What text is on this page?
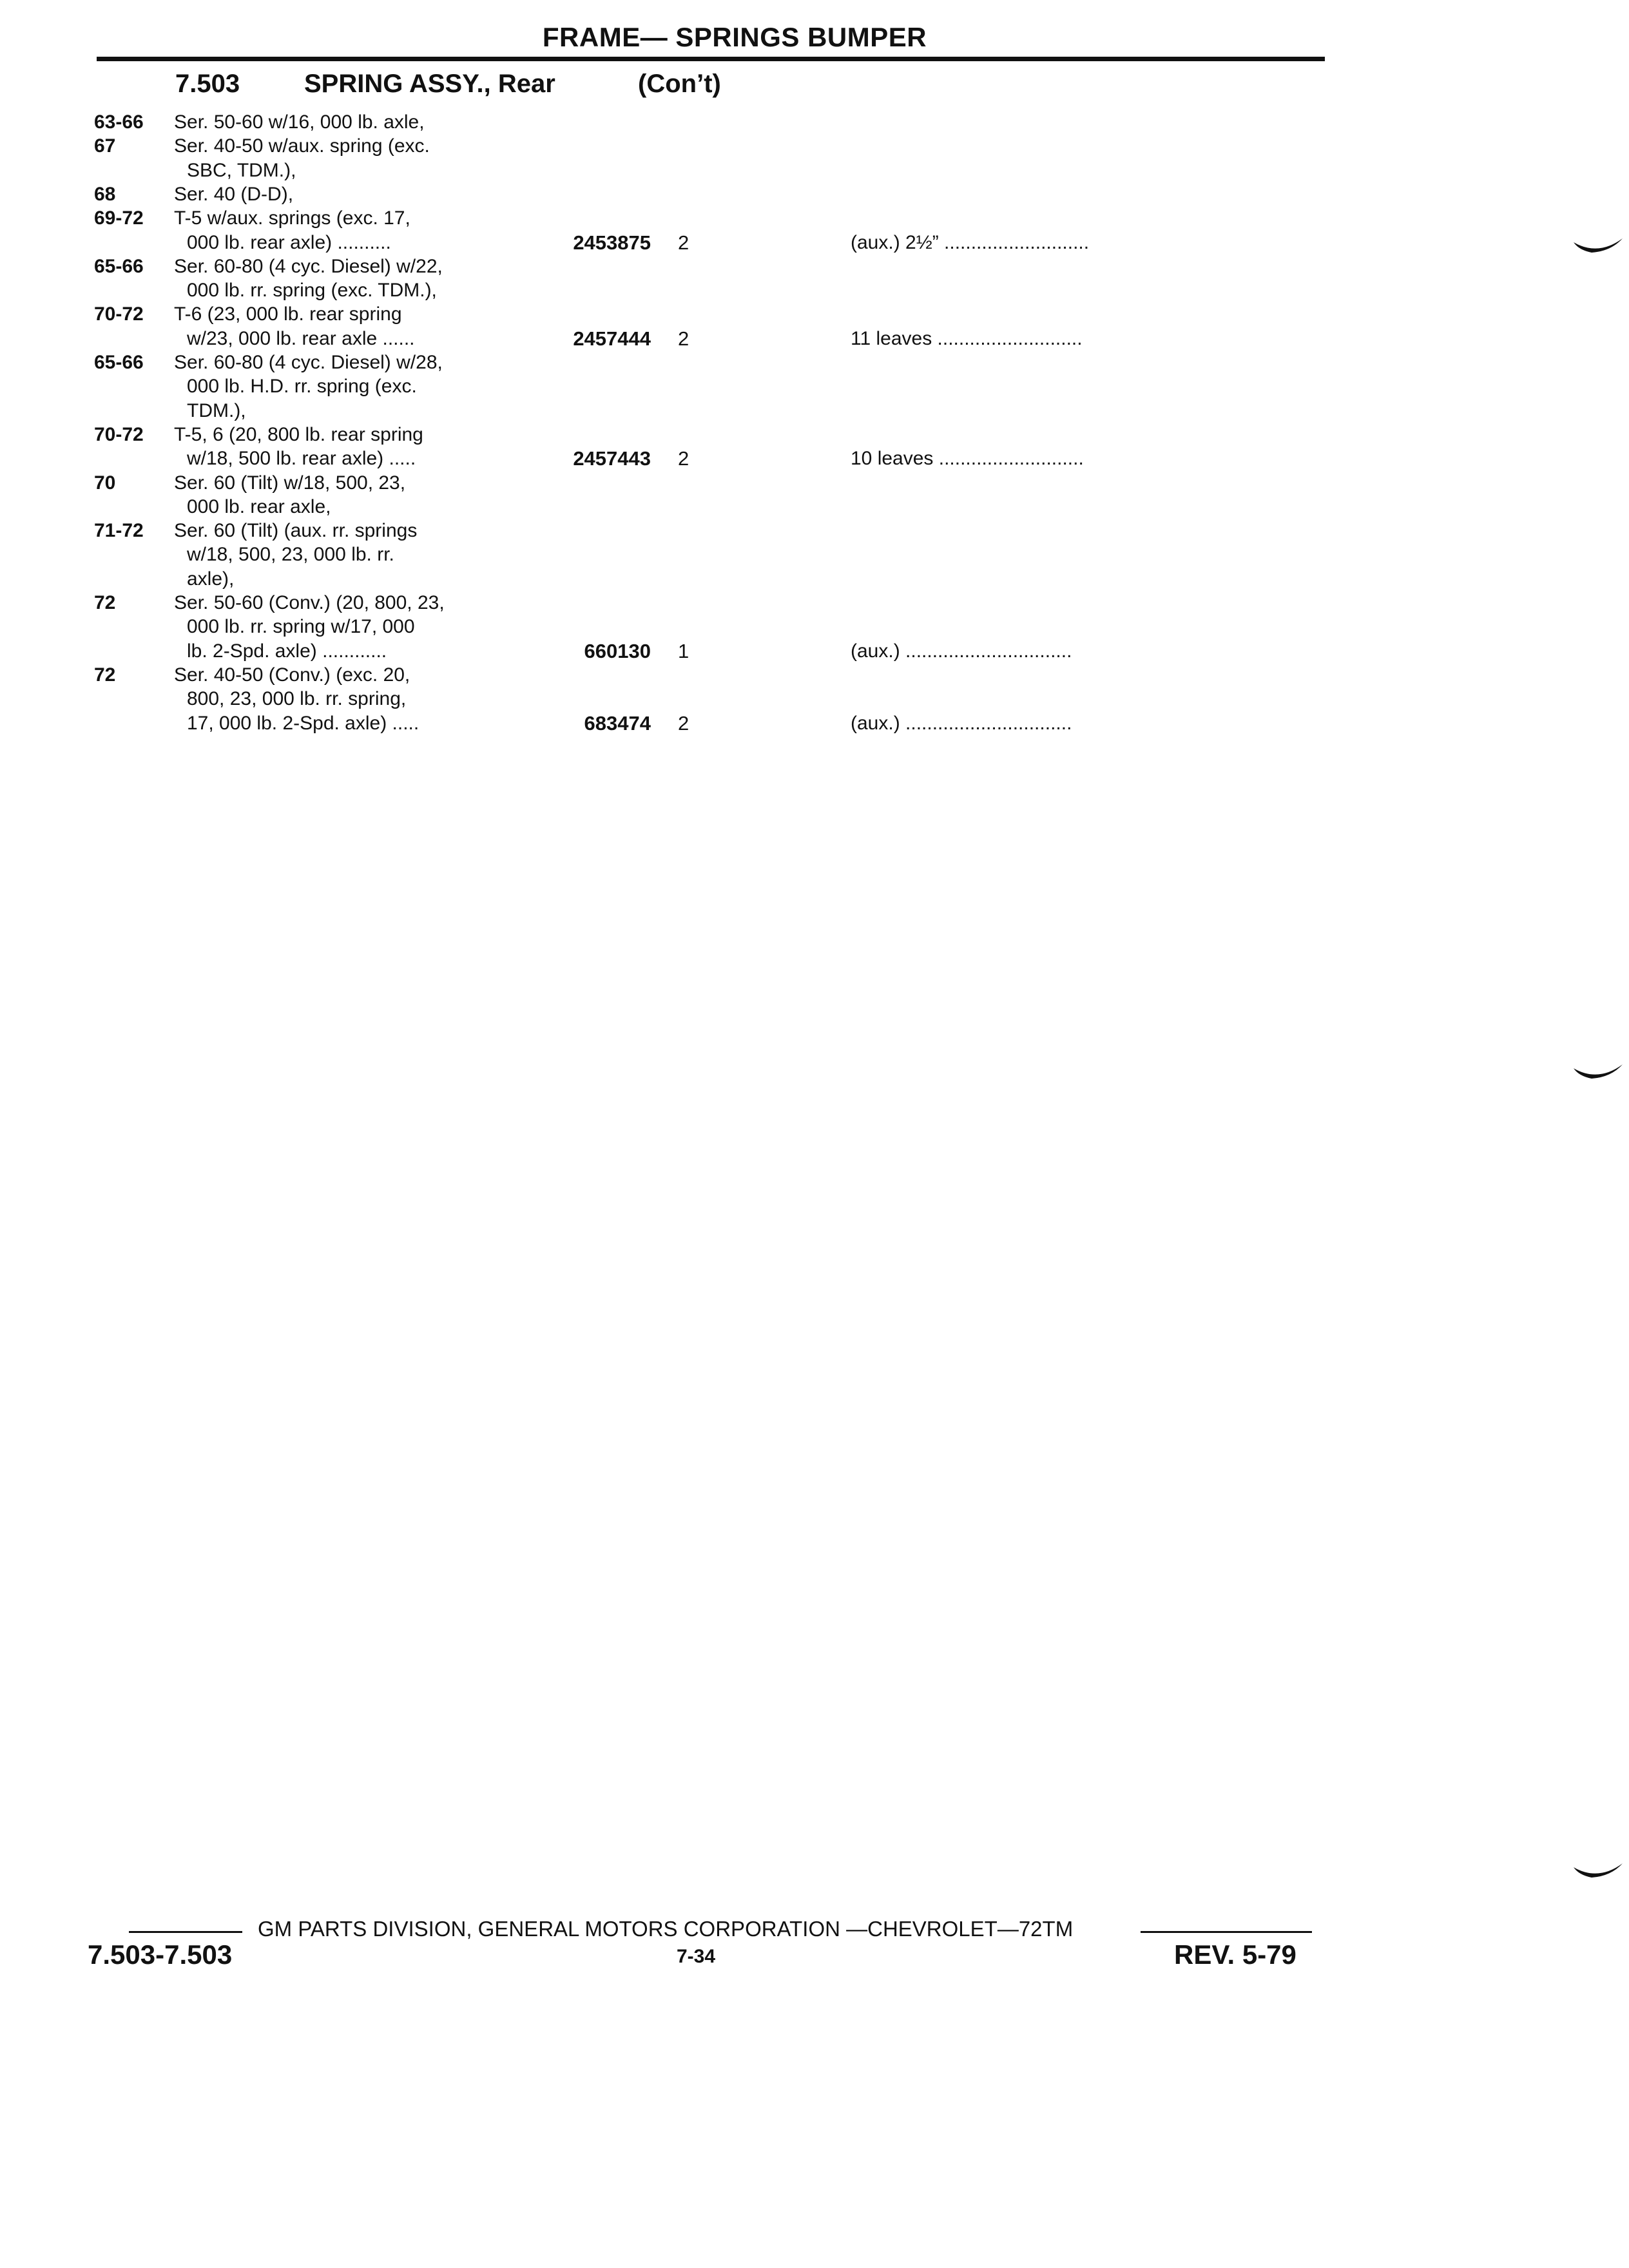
FRAME— SPRINGS BUMPER
7.503 SPRING ASSY., Rear	(Con’t)
63-66 Ser. 50-60 w/16, 000 lb. axle,
67	Ser. 40-50 w/aux. spring (exc.
SBC, TDM.),
68	Ser. 40 (D-D),
69-72 T-5 w/aux. springs (exc. 17,
000 lb. rear axle) ..........	2453875 2	(aux.) 2½” ...........................
65-66 Ser. 60-80 (4 cyc. Diesel) w/22,
000 lb. rr. spring (exc. TDM.),
70-72 T-6 (23, 000 lb. rear spring
w/23, 000 lb. rear axle ......	2457444 2	11 leaves ...........................
65-66 Ser. 60-80 (4 cyc. Diesel) w/28,
000 lb. H.D. rr. spring (exc.
TDM.),
70-72 T-5, 6 (20, 800 lb. rear spring
w/18, 500 lb. rear axle) .....	2457443 2	10 leaves ...........................
70	Ser. 60 (Tilt) w/18, 500, 23,
000 lb. rear axle,
71-72 Ser. 60 (Tilt) (aux. rr. springs
w/18, 500, 23, 000 lb. rr.
axle),
72	Ser. 50-60 (Conv.) (20, 800, 23,
000 lb. rr. spring w/17, 000
lb. 2-Spd. axle) ............	660130 1	(aux.) ...............................
72	Ser. 40-50 (Conv.) (exc. 20,
800, 23, 000 lb. rr. spring,
17, 000 lb. 2-Spd. axle) .....	683474 2	(aux.) ...............................
GM PARTS DIVISION, GENERAL MOTORS CORPORATION —CHEVROLET—72TM
7.503-7.503	7-34	REV. 5-79
